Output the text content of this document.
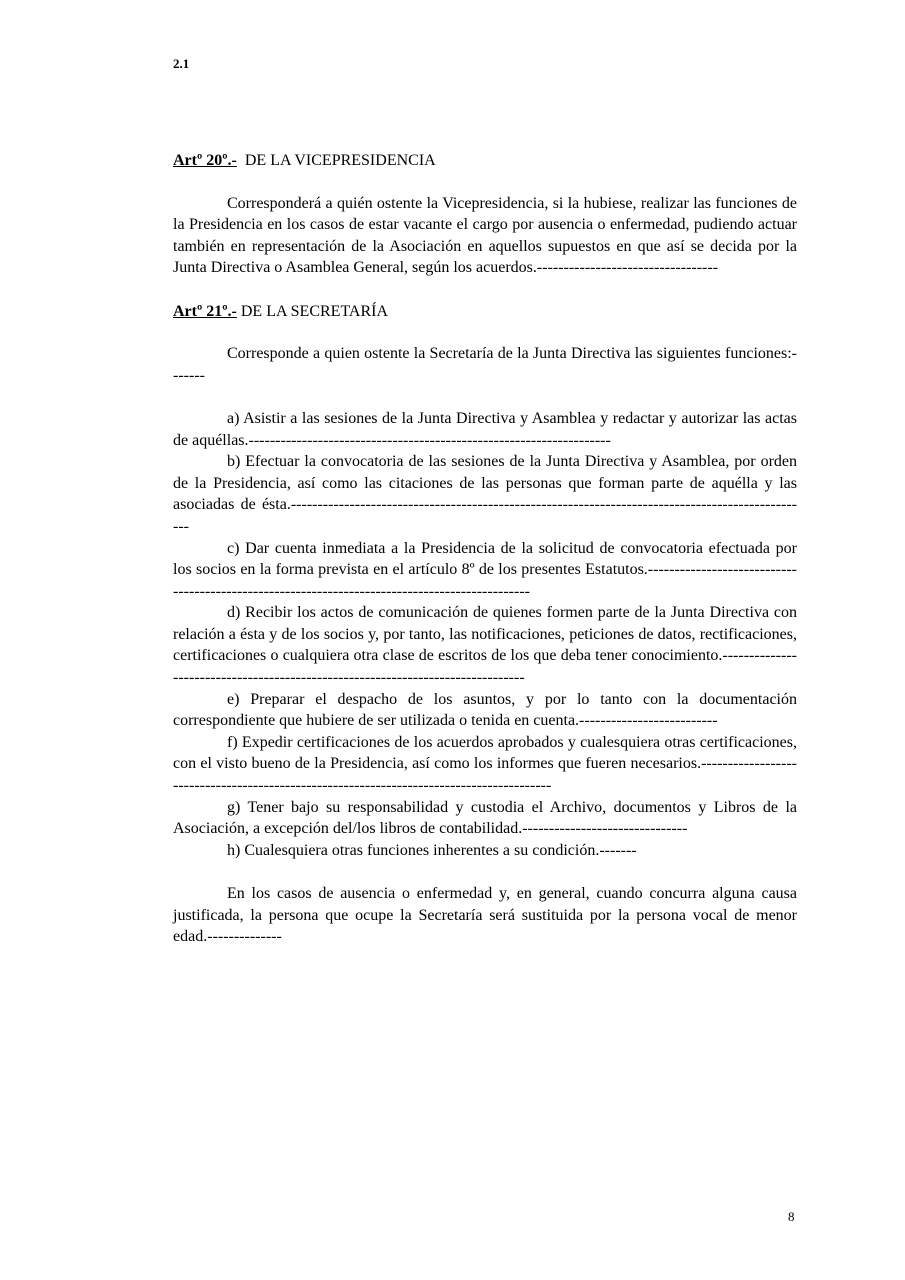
2.1

Artº 20º.- DE LA VICEPRESIDENCIA

Corresponderá a quién ostente la Vicepresidencia, si la hubiese, realizar las funciones de la Presidencia en los casos de estar vacante el cargo por ausencia o enfermedad, pudiendo actuar también en representación de la Asociación en aquellos supuestos en que así se decida por la Junta Directiva o Asamblea General, según los acuerdos.----------------------------------

Artº 21º.- DE LA SECRETARÍA

Corresponde a quien ostente la Secretaría de la Junta Directiva las siguientes funciones:-------

a) Asistir a las sesiones de la Junta Directiva y Asamblea y redactar y autorizar las actas de aquéllas.--------------------------------------------------------------------

b) Efectuar la convocatoria de las sesiones de la Junta Directiva y Asamblea, por orden de la Presidencia, así como las citaciones de las personas que forman parte de aquélla y las asociadas de ésta.--------------------------------------------------------------------------------------------------

c) Dar cuenta inmediata a la Presidencia de la solicitud de convocatoria efectuada por los socios en la forma prevista en el artículo 8º de los presentes Estatutos.-----------------------------------------------------------------------------------------------

d) Recibir los actos de comunicación de quienes formen parte de la Junta Directiva con relación a ésta y de los socios y, por tanto, las notificaciones, peticiones de datos, rectificaciones, certificaciones o cualquiera otra clase de escritos de los que deba tener conocimiento.--------------------------------------------------------------------------------

e) Preparar el despacho de los asuntos, y por lo tanto con la documentación correspondiente que hubiere de ser utilizada o tenida en cuenta.--------------------------

f) Expedir certificaciones de los acuerdos aprobados y cualesquiera otras certificaciones, con el visto bueno de la Presidencia, así como los informes que fueren necesarios.-----------------------------------------------------------------------------------------

g) Tener bajo su responsabilidad y custodia el Archivo, documentos y Libros de la Asociación, a excepción del/los libros de contabilidad.-------------------------------

h) Cualesquiera otras funciones inherentes a su condición.-------

En los casos de ausencia o enfermedad y, en general, cuando concurra alguna causa justificada, la persona que ocupe la Secretaría será sustituida por la persona vocal de menor edad.--------------

8
